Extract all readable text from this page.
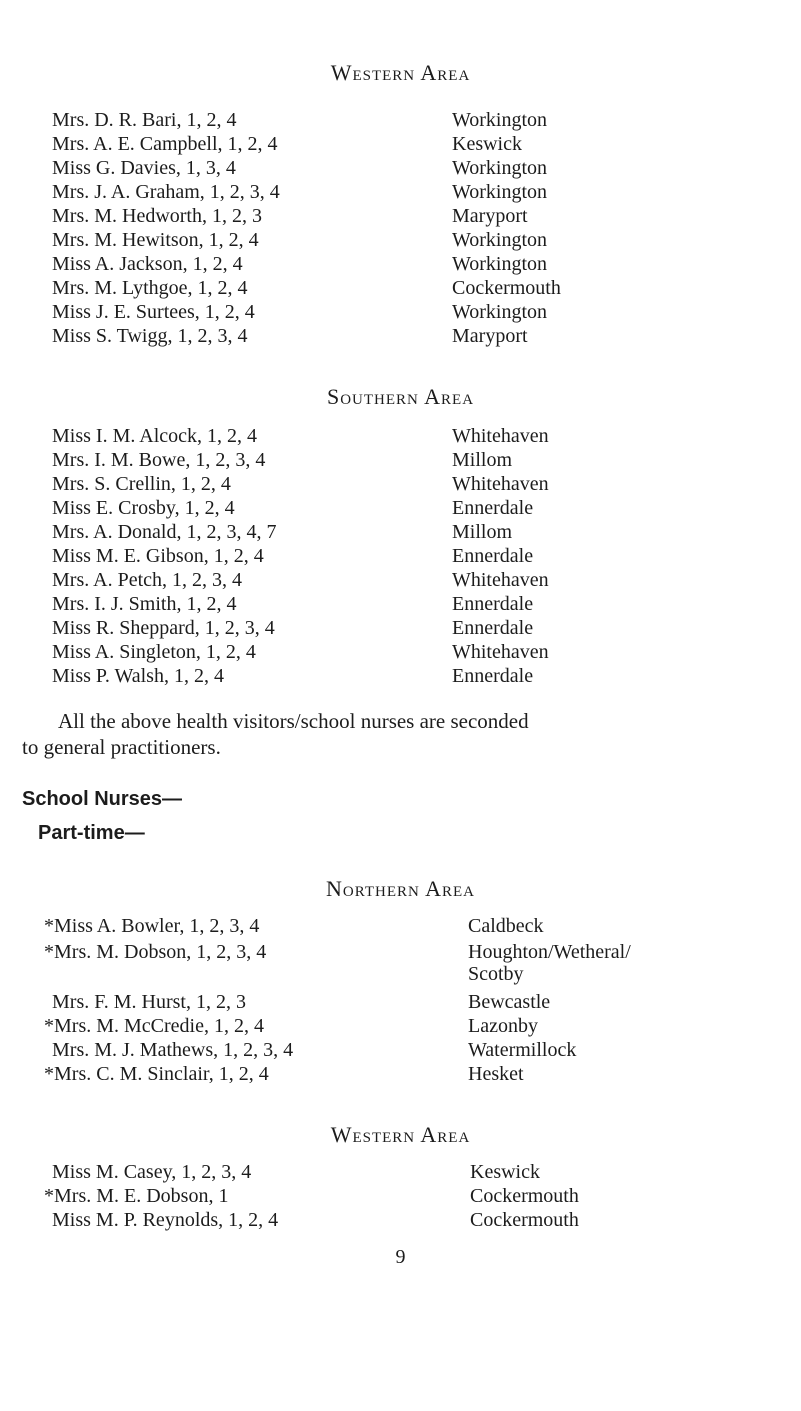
Western Area
Mrs. D. R. Bari, 1, 2, 4	Workington
Mrs. A. E. Campbell, 1, 2, 4	Keswick
Miss G. Davies, 1, 3, 4	Workington
Mrs. J. A. Graham, 1, 2, 3, 4	Workington
Mrs. M. Hedworth, 1, 2, 3	Maryport
Mrs. M. Hewitson, 1, 2, 4	Workington
Miss A. Jackson, 1, 2, 4	Workington
Mrs. M. Lythgoe, 1, 2, 4	Cockermouth
Miss J. E. Surtees, 1, 2, 4	Workington
Miss S. Twigg, 1, 2, 3, 4	Maryport
Southern Area
Miss I. M. Alcock, 1, 2, 4	Whitehaven
Mrs. I. M. Bowe, 1, 2, 3, 4	Millom
Mrs. S. Crellin, 1, 2, 4	Whitehaven
Miss E. Crosby, 1, 2, 4	Ennerdale
Mrs. A. Donald, 1, 2, 3, 4, 7	Millom
Miss M. E. Gibson, 1, 2, 4	Ennerdale
Mrs. A. Petch, 1, 2, 3, 4	Whitehaven
Mrs. I. J. Smith, 1, 2, 4	Ennerdale
Miss R. Sheppard, 1, 2, 3, 4	Ennerdale
Miss A. Singleton, 1, 2, 4	Whitehaven
Miss P. Walsh, 1, 2, 4	Ennerdale
All the above health visitors/school nurses are seconded
to general practitioners.
School Nurses—
Part-time—
Northern Area
*Miss A. Bowler, 1, 2, 3, 4	Caldbeck
*Mrs. M. Dobson, 1, 2, 3, 4	Houghton/Wetheral/
Scotby
Mrs. F. M. Hurst, 1, 2, 3	Bewcastle
*Mrs. M. McCredie, 1, 2, 4	Lazonby
Mrs. M. J. Mathews, 1, 2, 3, 4	Watermillock
*Mrs. C. M. Sinclair, 1, 2, 4	Hesket
Western Area
Miss M. Casey, 1, 2, 3, 4	Keswick
*Mrs. M. E. Dobson, 1	Cockermouth
Miss M. P. Reynolds, 1, 2, 4	Cockermouth
9
